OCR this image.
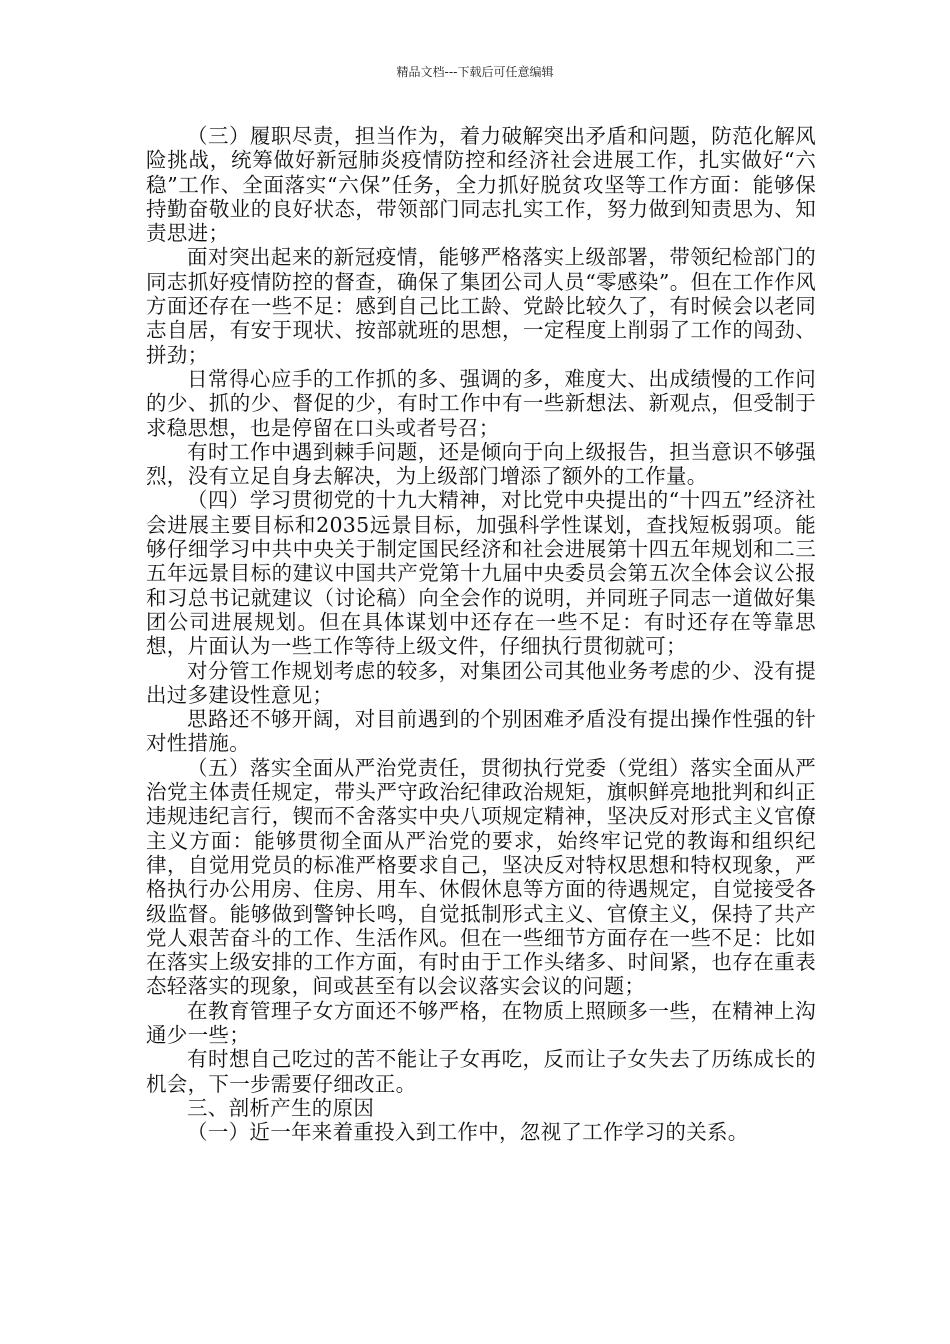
精品文档---下载后可任意编辑

（三）履职尽责，担当作为，着力破解突出矛盾和问题，防范化解风险挑战，统筹做好新冠肺炎疫情防控和经济社会进展工作，扎实做好“六稳”工作、全面落实“六保”任务，全力抓好脱贫攻坚等工作方面：能够保持勤奋敬业的良好状态，带领部门同志扎实工作，努力做到知责思为、知责思进；

面对突出起来的新冠疫情，能够严格落实上级部署，带领纪检部门的同志抓好疫情防控的督查，确保了集团公司人员“零感染”。但在工作作风方面还存在一些不足：感到自己比工龄、党龄比较久了，有时候会以老同志自居，有安于现状、按部就班的思想，一定程度上削弱了工作的闯劲、拼劲；

日常得心应手的工作抓的多、强调的多，难度大、出成绩慢的工作问的少、抓的少、督促的少，有时工作中有一些新想法、新观点，但受制于求稳思想，也是停留在口头或者号召；

有时工作中遇到棘手问题，还是倾向于向上级报告，担当意识不够强烈，没有立足自身去解决，为上级部门增添了额外的工作量。

（四）学习贯彻党的十九大精神，对比党中央提出的“十四五”经济社会进展主要目标和2035远景目标，加强科学性谋划，查找短板弱项。能够仔细学习中共中央关于制定国民经济和社会进展第十四五年规划和二三五年远景目标的建议中国共产党第十九届中央委员会第五次全体会议公报和习总书记就建议（讨论稿）向全会作的说明，并同班子同志一道做好集团公司进展规划。但在具体谋划中还存在一些不足：有时还存在等靠思想，片面认为一些工作等待上级文件，仔细执行贯彻就可；

对分管工作规划考虑的较多，对集团公司其他业务考虑的少、没有提出过多建设性意见；

思路还不够开阔，对目前遇到的个别困难矛盾没有提出操作性强的针对性措施。

（五）落实全面从严治党责任，贯彻执行党委（党组）落实全面从严治党主体责任规定，带头严守政治纪律政治规矩，旗帜鲜亮地批判和纠正违规违纪言行，锲而不舍落实中央八项规定精神，坚决反对形式主义官僚主义方面：能够贯彻全面从严治党的要求，始终牢记党的教诲和组织纪律，自觉用党员的标准严格要求自己，坚决反对特权思想和特权现象，严格执行办公用房、住房、用车、休假休息等方面的待遇规定，自觉接受各级监督。能够做到警钟长鸣，自觉抵制形式主义、官僚主义，保持了共产党人艰苦奋斗的工作、生活作风。但在一些细节方面存在一些不足：比如在落实上级安排的工作方面，有时由于工作头绪多、时间紧，也存在重表态轻落实的现象，间或甚至有以会议落实会议的问题；

在教育管理子女方面还不够严格，在物质上照顾多一些，在精神上沟通少一些；

有时想自己吃过的苦不能让子女再吃，反而让子女失去了历练成长的机会，下一步需要仔细改正。

三、剖析产生的原因

（一）近一年来着重投入到工作中，忽视了工作学习的关系。
